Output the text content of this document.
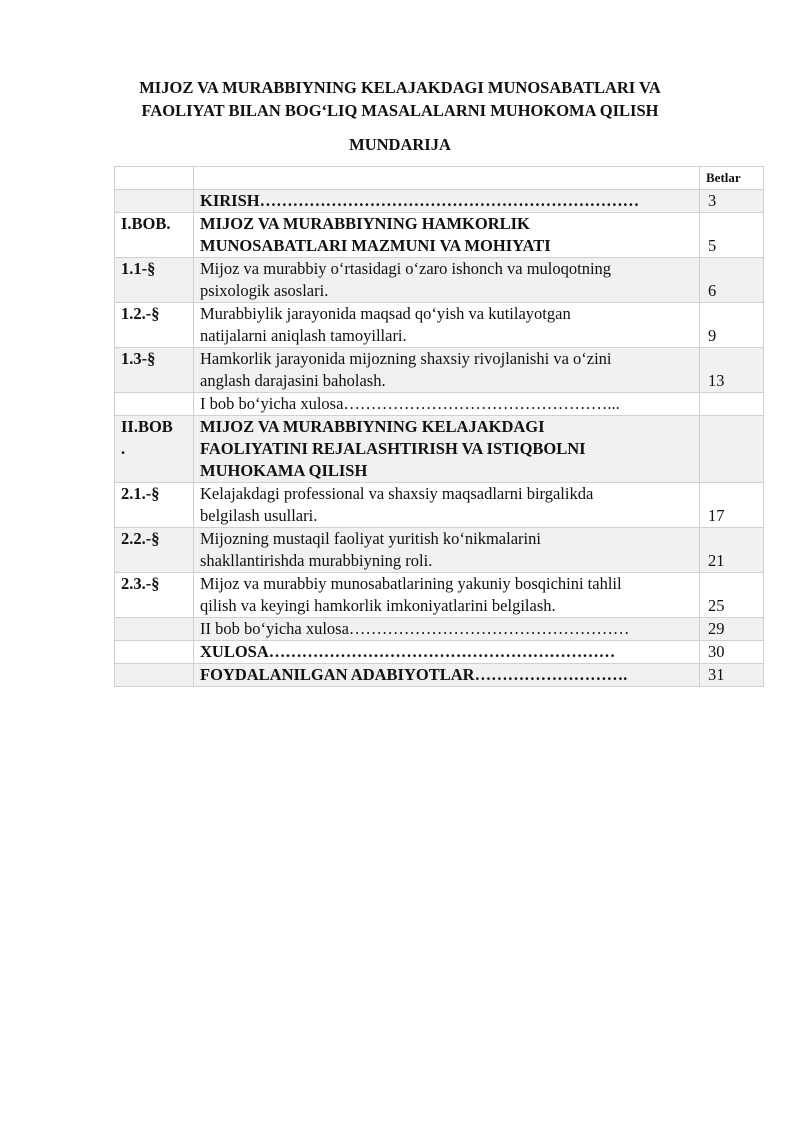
MIJOZ VA MURABBIYNING KELAJAKDAGI MUNOSABATLARI VA
FAOLIYAT BILAN BOG‘LIQ MASALALARNI MUHOKOMA QILISH
MUNDARIJA
		Betlar

	KIRISH……………………………………………………………	3
I.BOB.	MIJOZ VA MURABBIYNING HAMKORLIK
MUNOSABATLARI MAZMUNI VA MOHIYATI	5
1.1-§	Mijoz va murabbiy o‘rtasidagi o‘zaro ishonch va muloqotning
psixologik asoslari.	6
1.2.-§	Murabbiylik jarayonida maqsad qo‘yish va kutilayotgan
natijalarni aniqlash tamoyillari.	9
1.3-§	Hamkorlik jarayonida mijozning shaxsiy rivojlanishi va o‘zini
anglash darajasini baholash.	13

	I bob bo‘yicha xulosa…………………………………………...	

II.BOB
.	MIJOZ VA MURABBIYNING KELAJAKDAGI
FAOLIYATINI REJALASHTIRISH VA ISTIQBOLNI
MUHOKAMA QILISH	

2.1.-§	Kelajakdagi professional va shaxsiy maqsadlarni birgalikda
belgilash usullari.	17
2.2.-§	Mijozning mustaqil faoliyat yuritish ko‘nikmalarini
shakllantirishda murabbiyning roli.	21
2.3.-§	Mijoz va murabbiy munosabatlarining yakuniy bosqichini tahlil
qilish va keyingi hamkorlik imkoniyatlarini belgilash.	25

	II bob bo‘yicha xulosa……………………………………………	29

	XULOSA………………………………………………………	30

	FOYDALANILGAN ADABIYOTLAR……………………….	31
